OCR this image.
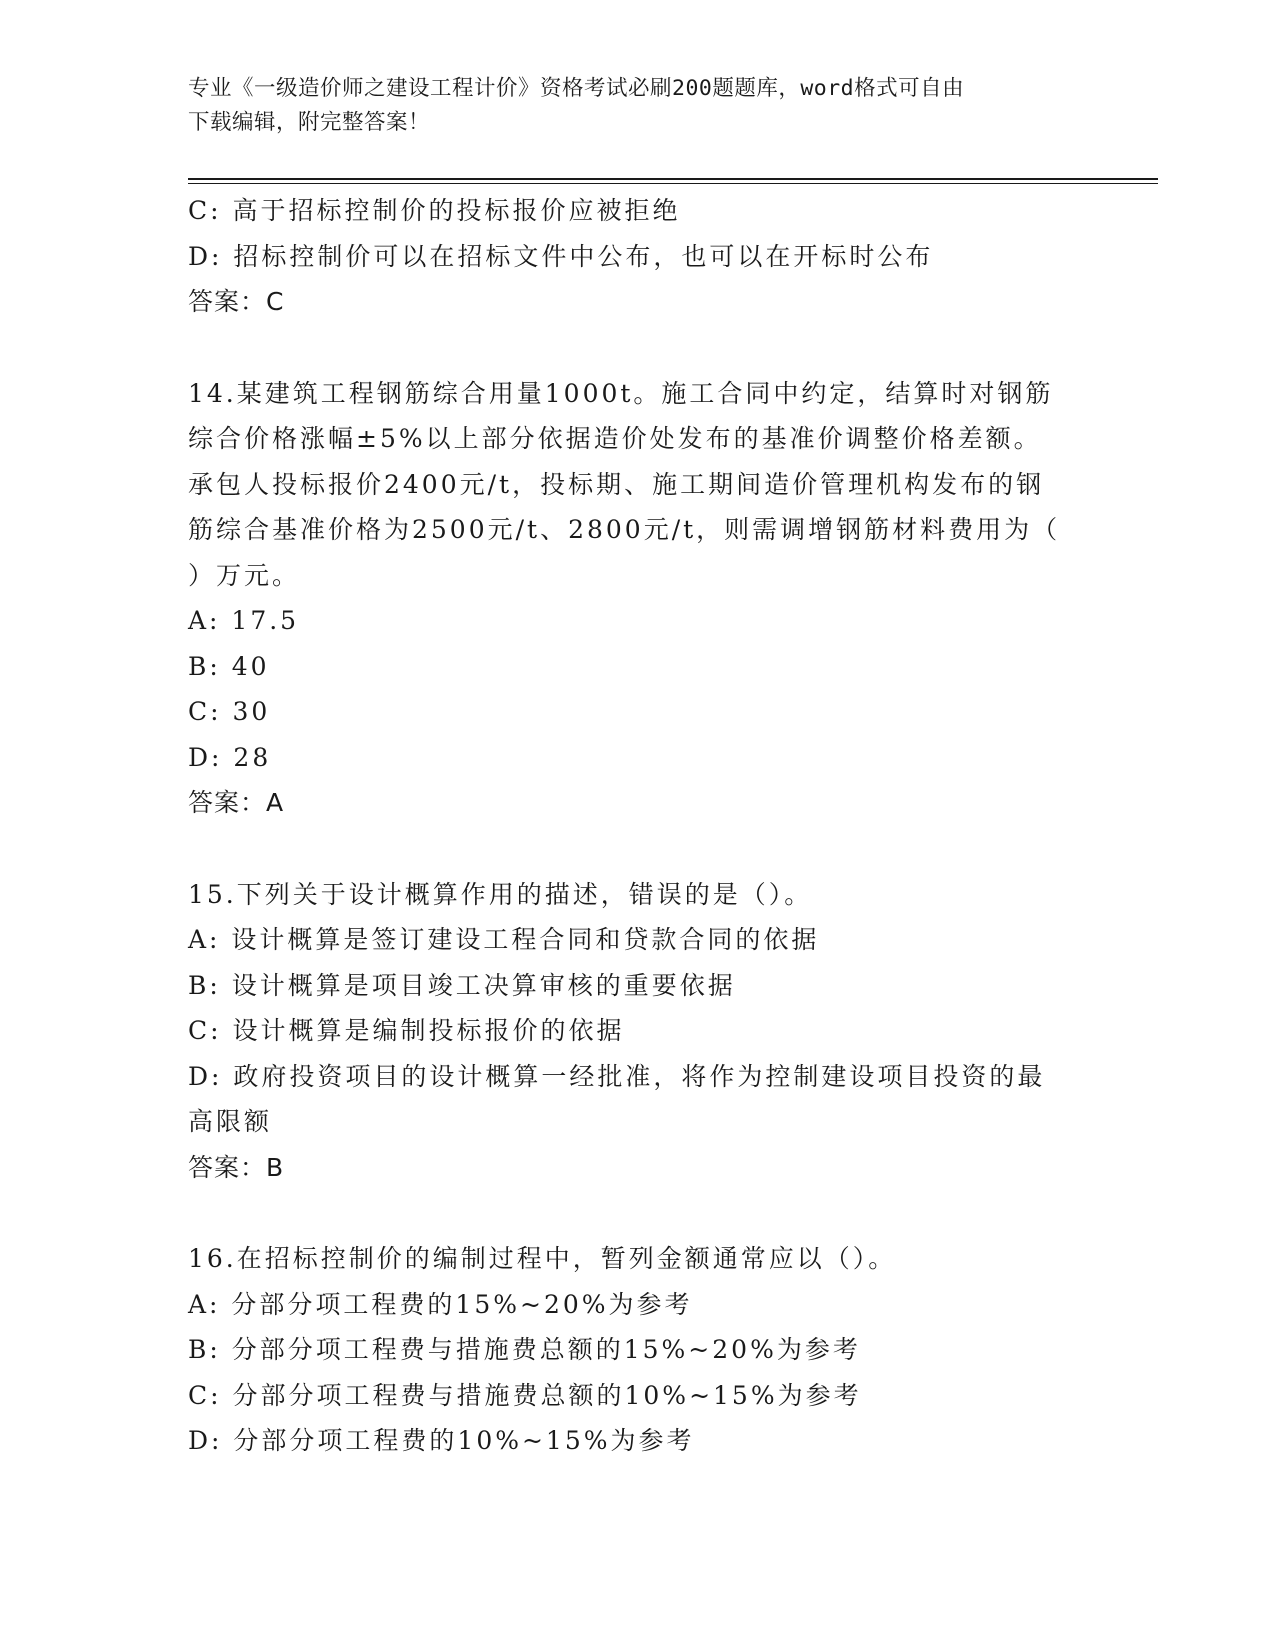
专业《一级造价师之建设工程计价》资格考试必刷200题题库，word格式可自由
下载编辑，附完整答案！

C: 高于招标控制价的投标报价应被拒绝

D: 招标控制价可以在招标文件中公布，也可以在开标时公布

答案：C

14.某建筑工程钢筋综合用量1000t。施工合同中约定，结算时对钢筋

综合价格涨幅±5%以上部分依据造价处发布的基准价调整价格差额。

承包人投标报价2400元/t，投标期、施工期间造价管理机构发布的钢

筋综合基准价格为2500元/t、2800元/t，则需调增钢筋材料费用为（

）万元。

A: 17.5

B: 40

C: 30

D: 28

答案：A

15.下列关于设计概算作用的描述，错误的是（）。

A: 设计概算是签订建设工程合同和贷款合同的依据

B: 设计概算是项目竣工决算审核的重要依据

C: 设计概算是编制投标报价的依据

D: 政府投资项目的设计概算一经批准，将作为控制建设项目投资的最

高限额

答案：B

16.在招标控制价的编制过程中，暂列金额通常应以（）。

A: 分部分项工程费的15%~20%为参考

B: 分部分项工程费与措施费总额的15%~20%为参考

C: 分部分项工程费与措施费总额的10%~15%为参考

D: 分部分项工程费的10%~15%为参考
